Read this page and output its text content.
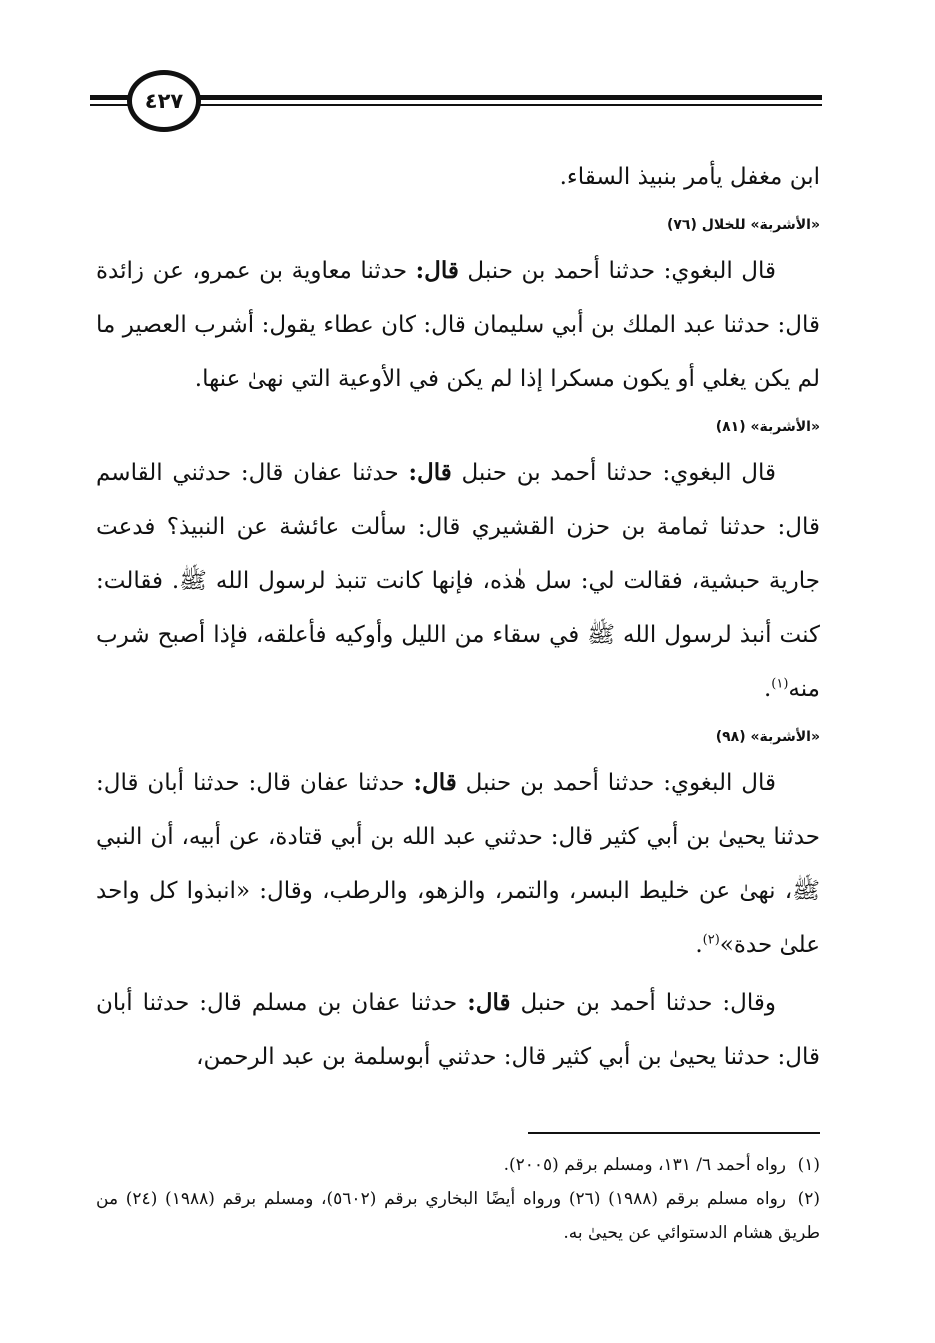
٤٢٧

ابن مغفل يأمر بنبيذ السقاء.

«الأشربة» للخلال (٧٦)

قال البغوي: حدثنا أحمد بن حنبل قال: حدثنا معاوية بن عمرو، عن زائدة قال: حدثنا عبد الملك بن أبي سليمان قال: كان عطاء يقول: أشرب العصير ما لم يكن يغلي أو يكون مسكرا إذا لم يكن في الأوعية التي نهىٰ عنها.

«الأشربة» (٨١)

قال البغوي: حدثنا أحمد بن حنبل قال: حدثنا عفان قال: حدثني القاسم قال: حدثنا ثمامة بن حزن القشيري قال: سألت عائشة عن النبيذ؟ فدعت جارية حبشية، فقالت لي: سل هٰذه، فإنها كانت تنبذ لرسول الله ﷺ. فقالت: كنت أنبذ لرسول الله ﷺ في سقاء من الليل وأوكيه فأعلقه، فإذا أصبح شرب منه$^{(١)}$.

«الأشربة» (٩٨)

قال البغوي: حدثنا أحمد بن حنبل قال: حدثنا عفان قال: حدثنا أبان قال: حدثنا يحيىٰ بن أبي كثير قال: حدثني عبد الله بن أبي قتادة، عن أبيه، أن النبي ﷺ، نهىٰ عن خليط البسر، والتمر، والزهو، والرطب، وقال: «انبذوا كل واحد علىٰ حدة»$^{(٢)}$.

وقال: حدثنا أحمد بن حنبل قال: حدثنا عفان بن مسلم قال: حدثنا أبان قال: حدثنا يحيىٰ بن أبي كثير قال: حدثني أبوسلمة بن عبد الرحمن،

(١)رواه أحمد ٦/ ١٣١، ومسلم برقم (٢٠٠٥).

(٢)رواه مسلم برقم (١٩٨٨) (٢٦) ورواه أيضًا البخاري برقم (٥٦٠٢)، ومسلم برقم (١٩٨٨) (٢٤) من طريق هشام الدستوائي عن يحيىٰ به.
